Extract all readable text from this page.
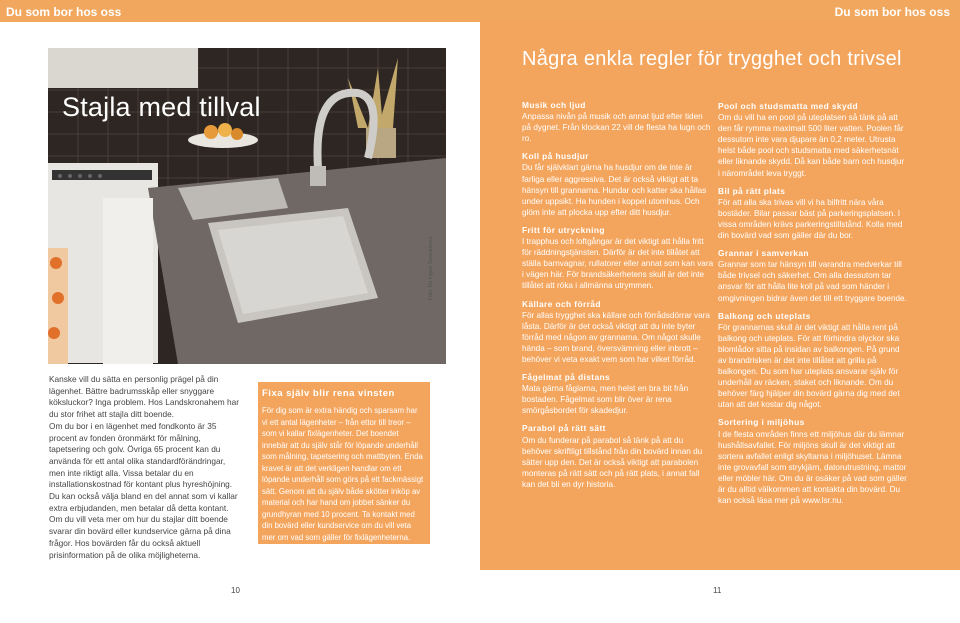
Du som bor hos oss	Du som bor hos oss
Foto: Ro Ingvar Samuelsson
Stajla med tillval
Några enkla regler för trygghet och trivsel

Kanske vill du sätta en personlig prägel på din lägenhet. Bättre badrumsskåp eller snyggare köksluckor? Inga problem. Hos Landskronahem har du stor frihet att stajla ditt boende.

Om du bor i en lägenhet med fondkonto är 35 procent av fonden öronmärkt för målning, tapetsering och golv. Övriga 65 procent kan du använda för ett antal olika standardförändringar, men inte riktigt alla. Vissa betalar du en installationskostnad för kontant plus hyreshöjning. Du kan också välja bland en del annat som vi kallar extra erbjudanden, men betalar då detta kontant.

Om du vill veta mer om hur du stajlar ditt boende svarar din bovärd eller kundservice gärna på dina frågor. Hos bovärden får du också aktuell prisinformation på de olika möjligheterna.

Fixa själv blir rena vinsten

För dig som är extra händig och sparsam har vi ett antal lägenheter – från ettor till treor – som vi kallar fixlägenheter. Det boendet innebär att du själv står för löpande underhåll som målning, tapetsering och mattbyten. Enda kravet är att det verkligen handlar om ett löpande underhåll som görs på ett fackmässigt sätt. Genom att du själv både skötter inköp av material och har hand om jobbet sänker du grundhyran med 10 procent. Ta kontakt med din bovärd eller kundservice om du vill veta mer om vad som gäller för fixlägenheterna.

Musik och ljud

Anpassa nivån på musik och annat ljud efter tiden på dygnet. Från klockan 22 vill de flesta ha lugn och ro.

Koll på husdjur

Du får självklart gärna ha husdjur om de inte är farliga eller aggressiva. Det är också viktigt att ta hänsyn till grannarna. Hundar och katter ska hållas under uppsikt. Ha hunden i koppel utomhus. Och glöm inte att plocka upp efter ditt husdjur.

Fritt för utryckning

I trapphus och loftgångar är det viktigt att hålla fritt för räddningstjänsten. Därför är det inte tillåtet att ställa barnvagnar, rullatorer eller annat som kan vara i vägen här. För brandsäkerhetens skull är det inte tillåtet att röka i allmänna utrymmen.

Källare och förråd

För allas trygghet ska källare och förrådsdörrar vara låsta. Därför är det också viktigt att du inte byter förråd med någon av grannarna. Om något skulle hända – som brand, översvämning eller inbrott – behöver vi veta exakt vem som har vilket förråd.

Fågelmat på distans

Mata gärna fåglarna, men helst en bra bit från bostaden. Fågelmat som blir över är rena smörgåsbordet för skadedjur.

Parabol på rätt sätt

Om du funderar på parabol så tänk på att du behöver skriftligt tillstånd från din bovärd innan du sätter upp den. Det är också viktigt att parabolen monteras på rätt sätt och på rätt plats, i annat fall kan det bli en dyr historia.

Pool och studsmatta med skydd

Om du vill ha en pool på uteplatsen så tänk på att den får rymma maximalt 500 liter vatten. Poolen får dessutom inte vara djupare än 0,2 meter. Utrusta helst både pool och studsmatta med säkerhetsnät eller liknande skydd. Då kan både barn och husdjur i närområdet leva tryggt.

Bil på rätt plats

För att alla ska trivas vill vi ha bilfritt nära våra bostäder. Bilar passar bäst på parkeringsplatsen. I vissa områden krävs parkeringstillstånd. Kolla med din bovärd vad som gäller där du bor.

Grannar i samverkan

Grannar som tar hänsyn till varandra medverkar till både trivsel och säkerhet. Om alla dessutom tar ansvar för att hålla lite koll på vad som händer i omgivningen bidrar även det till ett tryggare boende.

Balkong och uteplats

För grannarnas skull är det viktigt att hålla rent på balkong och uteplats. För att förhindra olyckor ska blomlådor sitta på insidan av balkongen. På grund av brandrisken är det inte tillåtet att grilla på balkongen. Du som har uteplats ansvarar själv för underhåll av räcken, staket och liknande. Om du behöver färg hjälper din bovärd gärna dig med det utan att det kostar dig något.

Sortering i miljöhus

I de flesta områden finns ett miljöhus där du lämnar hushållsavfallet. För miljöns skull är det viktigt att sortera avfallet enligt skyltarna i miljöhuset. Lämna inte grovavfall som strykjärn, datorutrustning, mattor eller möbler här. Om du är osäker på vad som gäller är du alltid välkommen att kontakta din bovärd. Du kan också läsa mer på www.lsr.nu.

10	11
